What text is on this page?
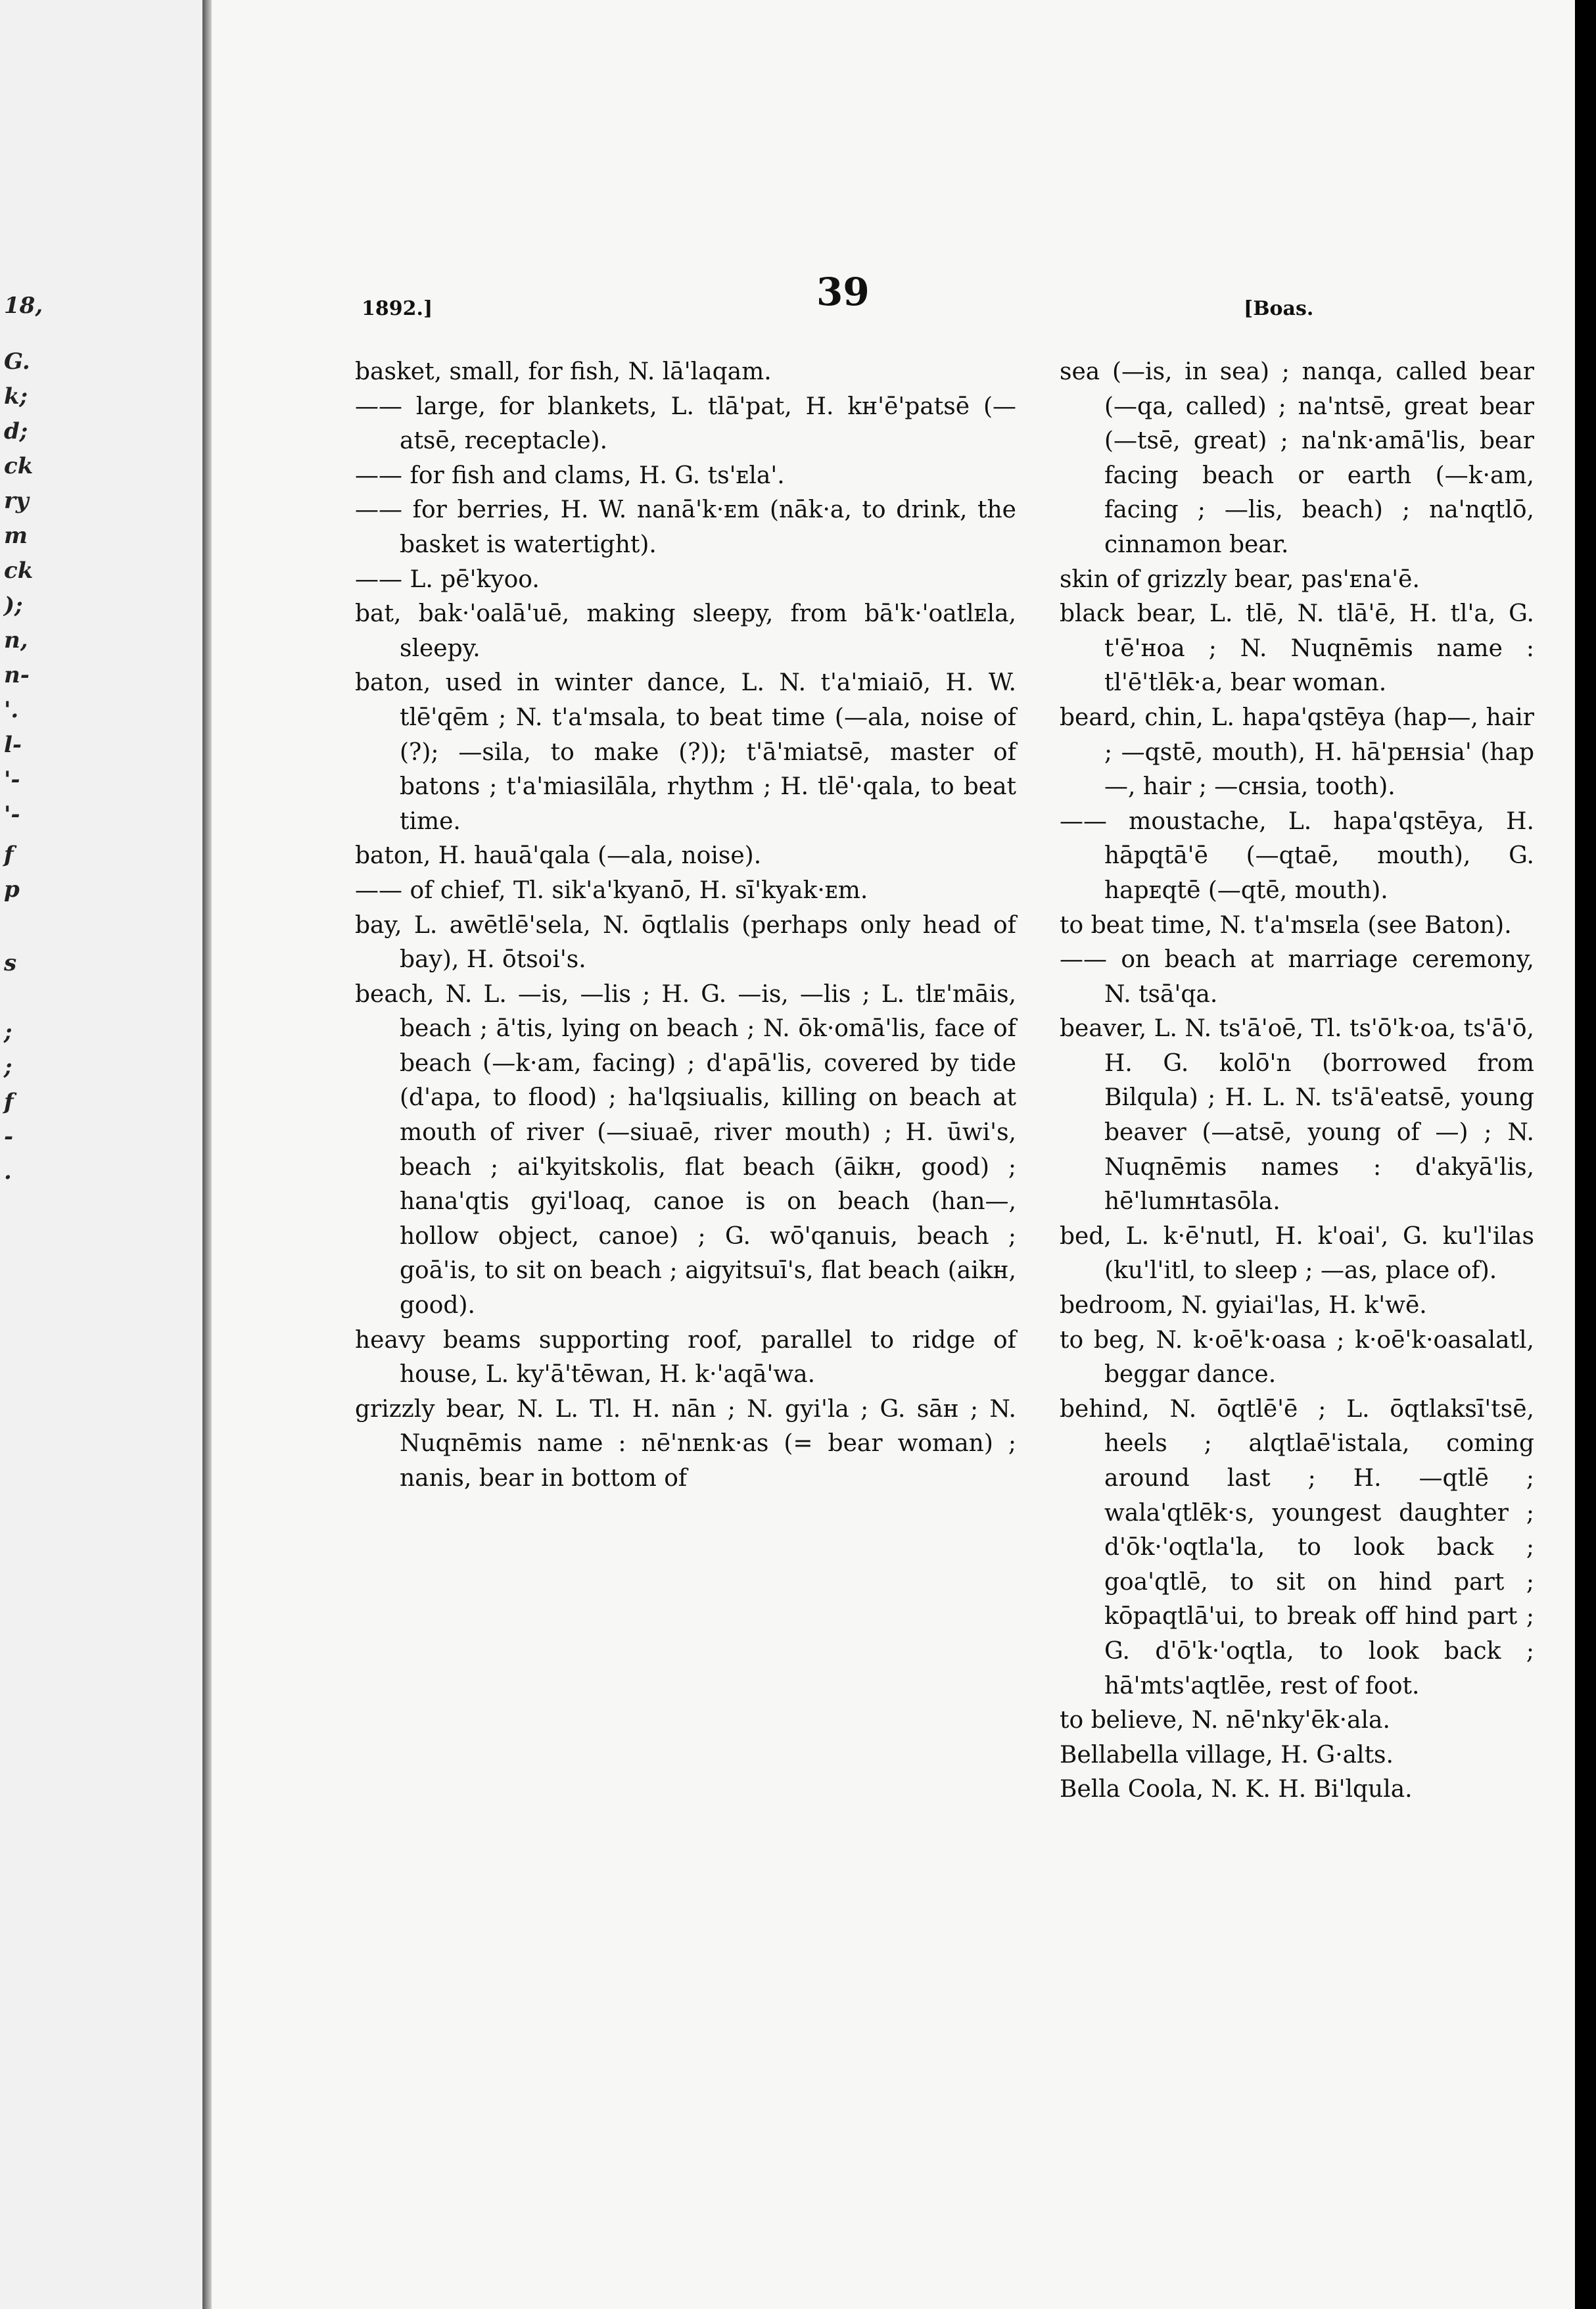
18,
G.
k;
d;
ck
ry
m
ck
);
n,
n-
'.
l-
'-
'-
f
p
s
;
;
f
-
.
1892.]	39	[Boas.

basket, small, for fish, N. lā'laqam.

—— large, for blankets, L. tlā'pat, H. kн'ē'patsē (—atsē, receptacle).

—— for fish and clams, H. G. ts'ᴇla'.

—— for berries, H. W. nanā'k·ᴇm (nāk·a, to drink, the basket is watertight).

—— L. pē'kyoo.

bat, bak·'oalā'uē, making sleepy, from bā'k·'oatlᴇla, sleepy.

baton, used in winter dance, L. N. t'a'miaiō, H. W. tlē'qēm ; N. t'a'msala, to beat time (—ala, noise of (?); —sila, to make (?)); t'ā'miatsē, master of batons ; t'a'miasilāla, rhythm ; H. tlē'·qala, to beat time.

baton, H. hauā'qala (—ala, noise).

—— of chief, Tl. sik'a'kyanō, H. sī'kyak·ᴇm.

bay, L. awētlē'sela, N. ōqtlalis (perhaps only head of bay), H. ōtsoi's.

beach, N. L. —is, —lis ; H. G. —is, —lis ; L. tlᴇ'māis, beach ; ā'tis, lying on beach ; N. ōk·omā'lis, face of beach (—k·am, facing) ; d'apā'lis, covered by tide (d'apa, to flood) ; ha'lqsiualis, killing on beach at mouth of river (—siuaē, river mouth) ; H. ūwi's, beach ; ai'kyitskolis, flat beach (āikн, good) ; hana'qtis gyi'loaq, canoe is on beach (han—, hollow object, canoe) ; G. wō'qanuis, beach ; goā'is, to sit on beach ; aigyitsuī's, flat beach (aikн, good).

heavy beams supporting roof, parallel to ridge of house, L. ky'ā'tēwan, H. k·'aqā'wa.

grizzly bear, N. L. Tl. H. nān ; N. gyi'la ; G. sāн ; N. Nuqnēmis name : nē'nᴇnk·as (= bear woman) ; nanis, bear in bottom of

sea (—is, in sea) ; nanqa, called bear (—qa, called) ; na'ntsē, great bear (—tsē, great) ; na'nk·amā'lis, bear facing beach or earth (—k·am, facing ; —lis, beach) ; na'nqtlō, cinnamon bear.

skin of grizzly bear, pas'ᴇna'ē.

black bear, L. tlē, N. tlā'ē, H. tl'a, G. t'ē'нoa ; N. Nuqnēmis name : tl'ē'tlēk·a, bear woman.

beard, chin, L. hapa'qstēya (hap—, hair ; —qstē, mouth), H. hā'pᴇнsia' (hap—, hair ; —cнsia, tooth).

—— moustache, L. hapa'qstēya, H. hāpqtā'ē (—qtaē, mouth), G. hapᴇqtē (—qtē, mouth).

to beat time, N. t'a'msᴇla (see Baton).

—— on beach at marriage ceremony, N. tsā'qa.

beaver, L. N. ts'ā'oē, Tl. ts'ō'k·oa, ts'ā'ō, H. G. kolō'n (borrowed from Bilqula) ; H. L. N. ts'ā'eatsē, young beaver (—atsē, young of —) ; N. Nuqnēmis names : d'akyā'lis, hē'lumнtasōla.

bed, L. k·ē'nutl, H. k'oai', G. ku'l'ilas (ku'l'itl, to sleep ; —as, place of).

bedroom, N. gyiai'las, H. k'wē.

to beg, N. k·oē'k·oasa ; k·oē'k·oasalatl, beggar dance.

behind, N. ōqtlē'ē ; L. ōqtlaksī'tsē, heels ; alqtlaē'istala, coming around last ; H. —qtlē ; wala'qtlēk·s, youngest daughter ; d'ōk·'oqtla'la, to look back ; goa'qtlē, to sit on hind part ; kōpaqtlā'ui, to break off hind part ; G. d'ō'k·'oqtla, to look back ; hā'mts'aqtlēe, rest of foot.

to believe, N. nē'nky'ēk·ala.

Bellabella village, H. G·alts.

Bella Coola, N. K. H. Bi'lqula.
